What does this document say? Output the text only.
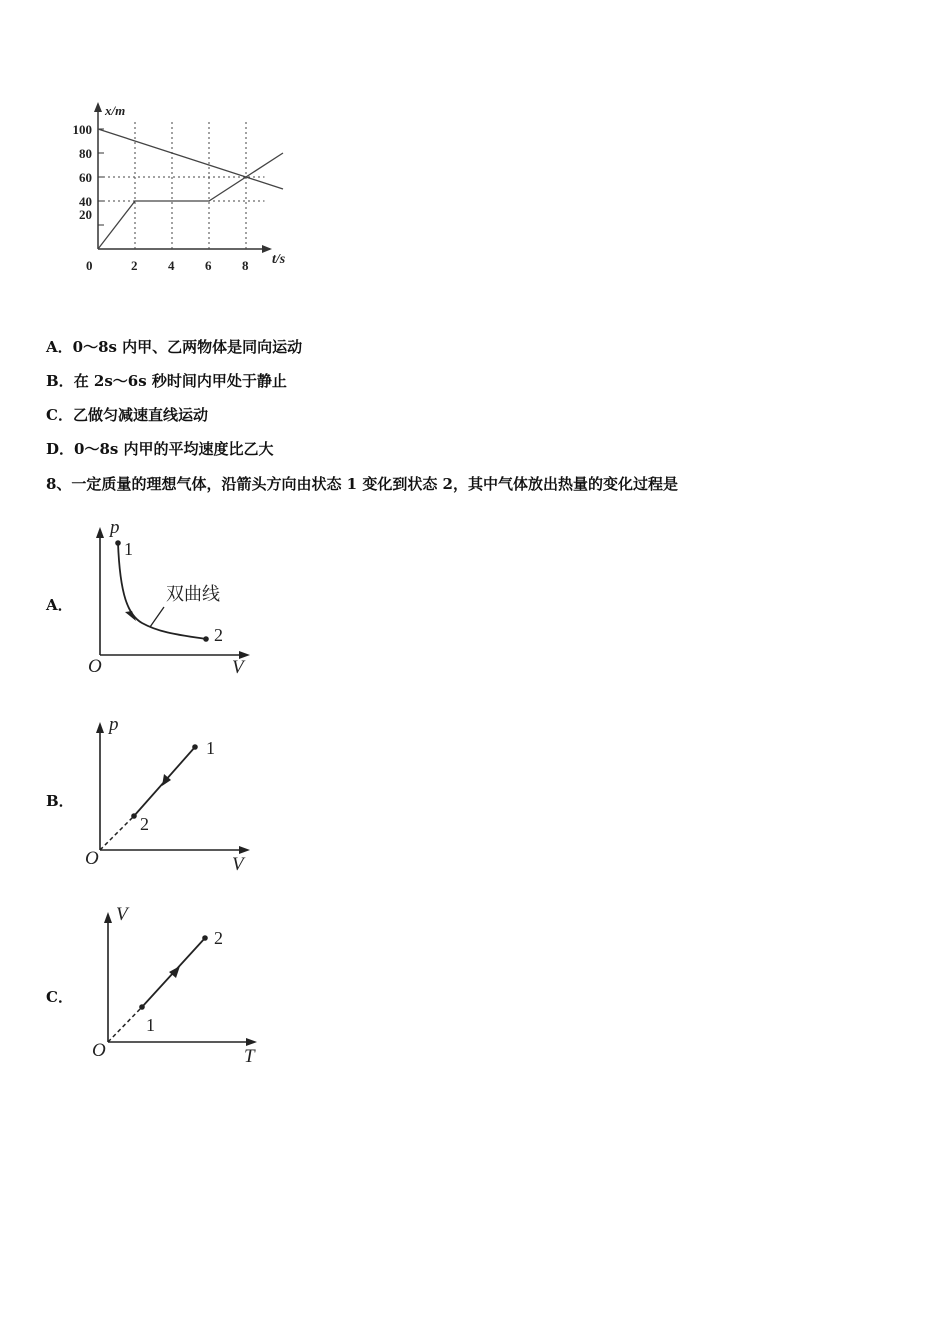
0	2 4 6 8
100
80
60
40
20
x/m
t/s
A．0～8s 内甲、乙两物体是同向运动
B．在 2s～6s 秒时间内甲处于静止
C．乙做匀减速直线运动
D．0～8s 内甲的平均速度比乙大
8、一定质量的理想气体，沿箭头方向由状态 1 变化到状态 2，其中气体放出热量的变化过程是
A．
p
V
O
双曲线
1
2
B．
p
V
O
1
2
C．
V
T
O
1
2
